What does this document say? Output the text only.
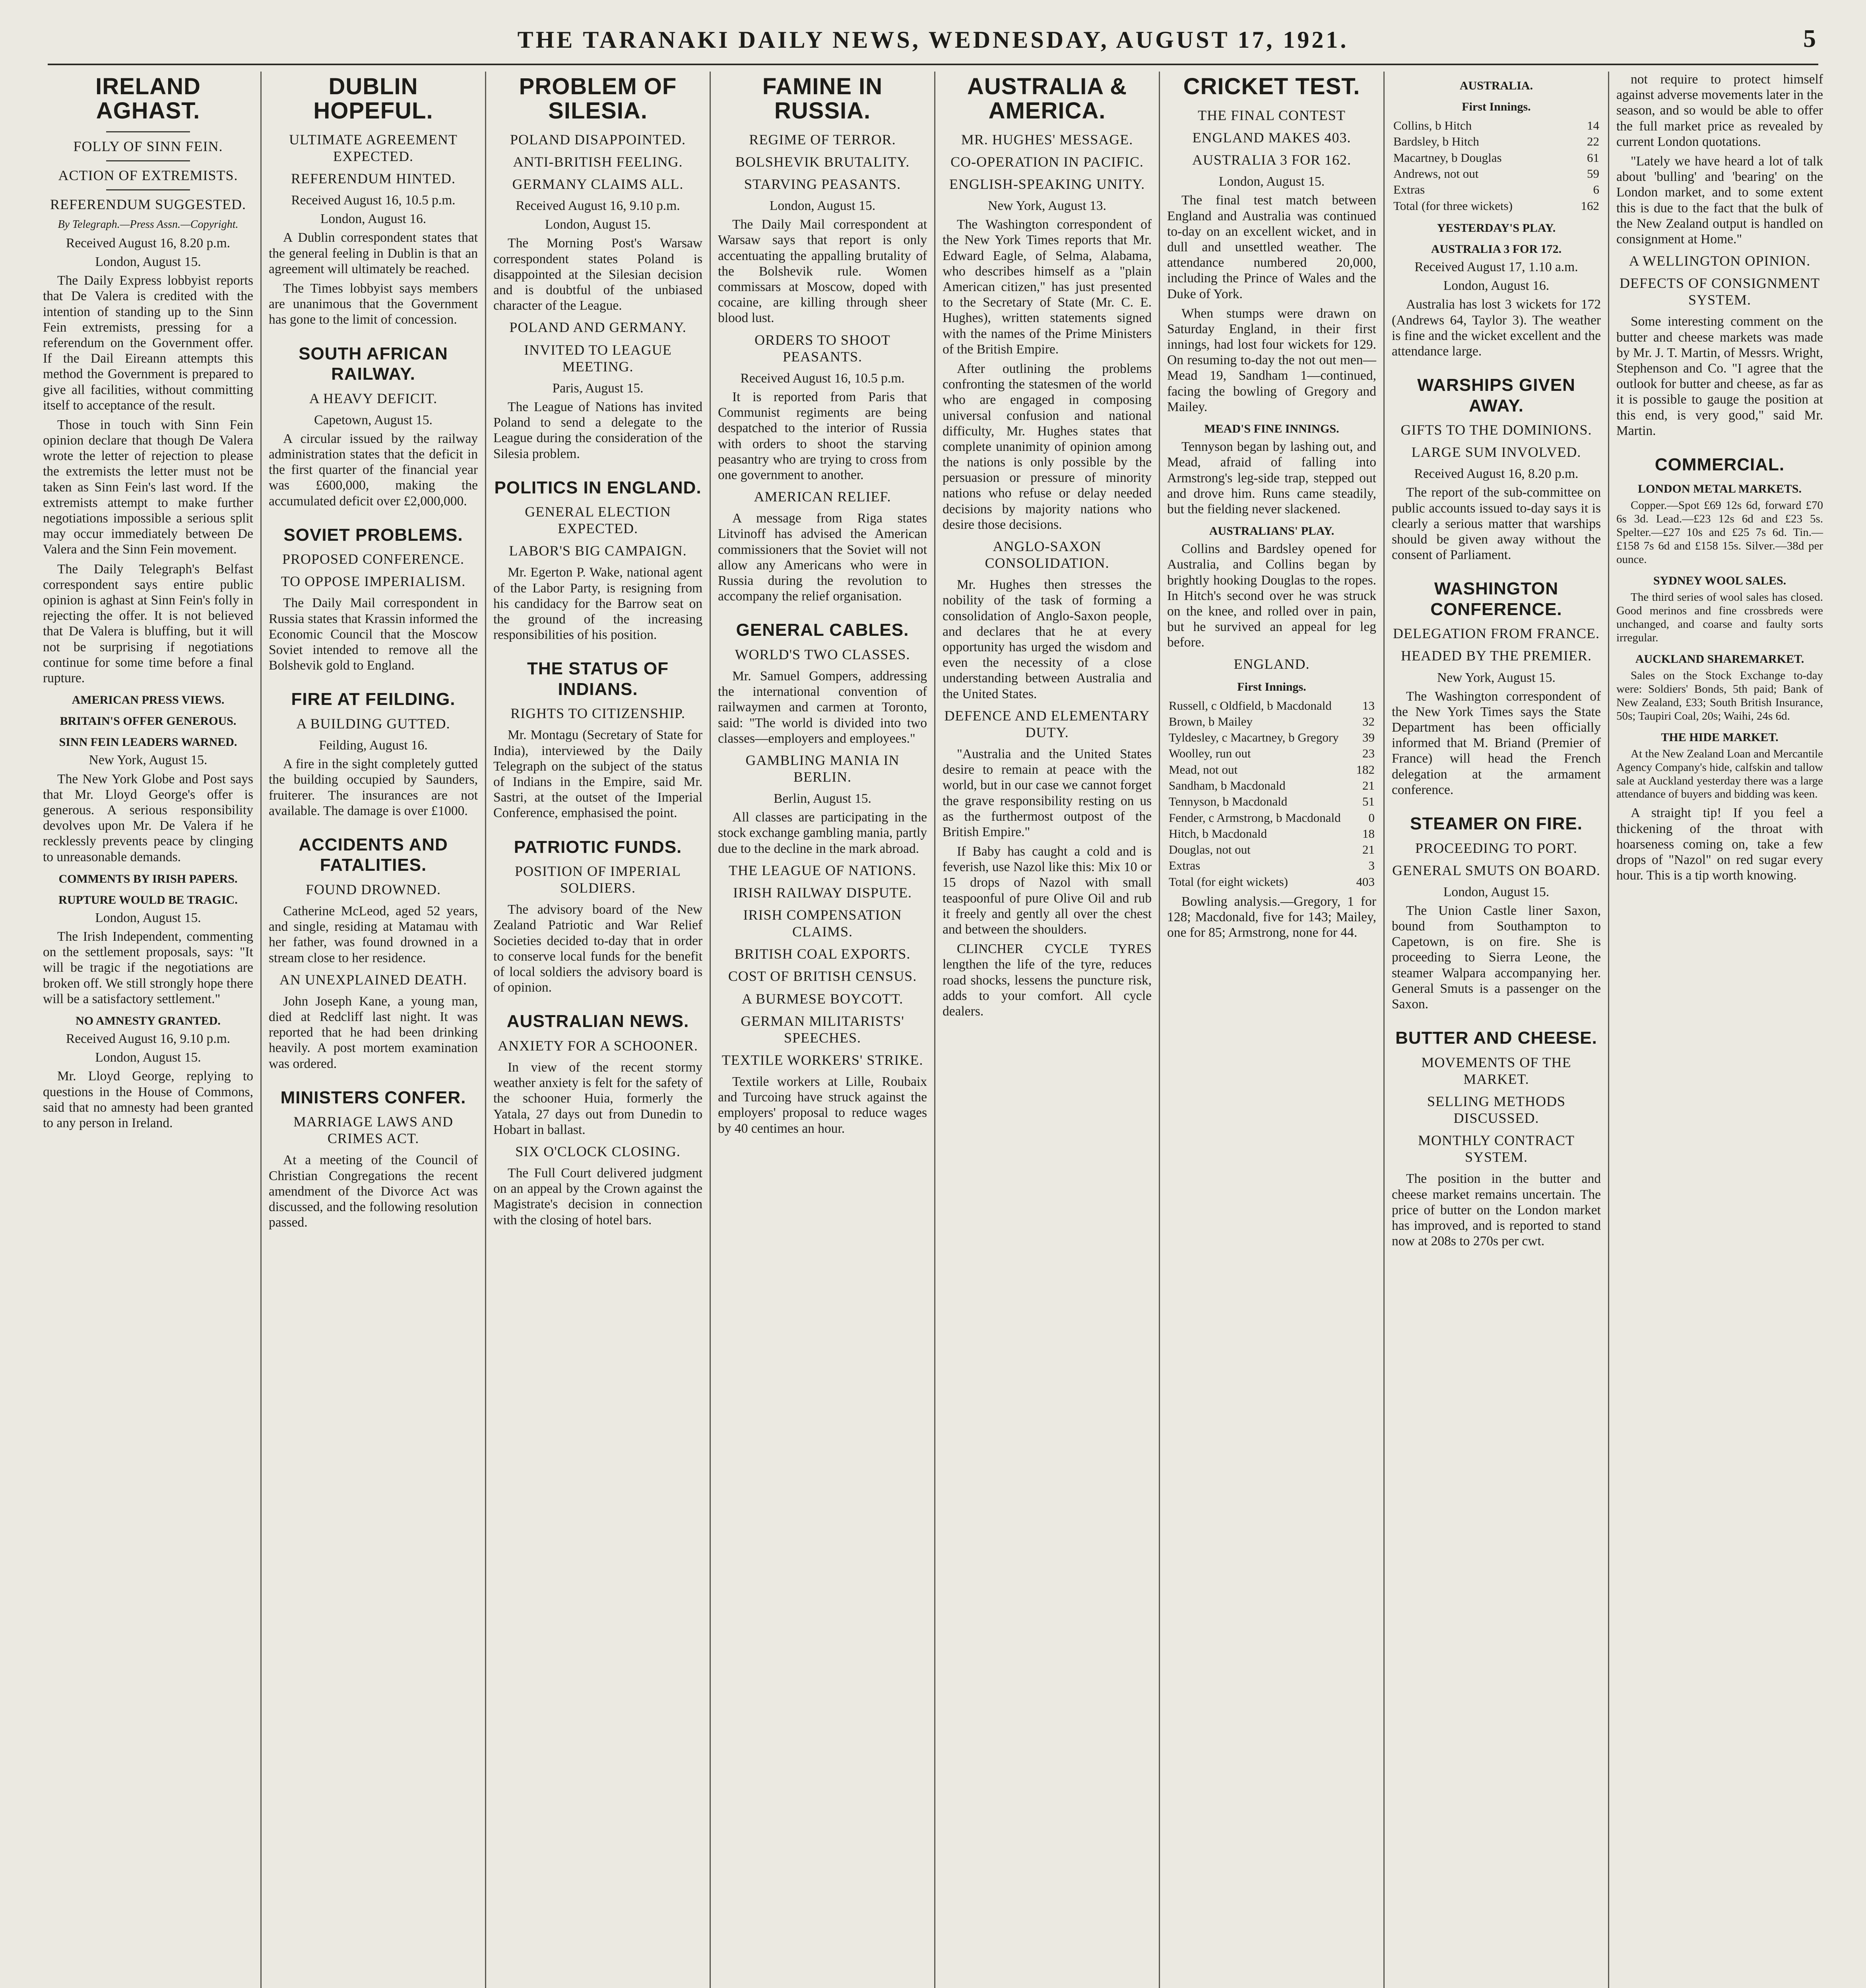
THE TARANAKI DAILY NEWS, WEDNESDAY, AUGUST 17, 1921.	5
IRELAND AGHAST.
FOLLY OF SINN FEIN.
ACTION OF EXTREMISTS.
REFERENDUM SUGGESTED.
By Telegraph.—Press Assn.—Copyright.
Received August 16, 8.20 p.m.
London, August 15.

The Daily Express lobbyist reports that De Valera is credited with the intention of standing up to the Sinn Fein extremists, pressing for a referendum on the Government offer. If the Dail Eireann attempts this method the Government is prepared to give all facilities, without committing itself to acceptance of the result.

Those in touch with Sinn Fein opinion declare that though De Valera wrote the letter of rejection to please the extremists the letter must not be taken as Sinn Fein's last word. If the extremists attempt to make further negotiations impossible a serious split may occur immediately between De Valera and the Sinn Fein movement.

The Daily Telegraph's Belfast correspondent says entire public opinion is aghast at Sinn Fein's folly in rejecting the offer. It is not believed that De Valera is bluffing, but it will not be surprising if negotiations continue for some time before a final rupture.

AMERICAN PRESS VIEWS.
BRITAIN'S OFFER GENEROUS.
SINN FEIN LEADERS WARNED.
New York, August 15.

The New York Globe and Post says that Mr. Lloyd George's offer is generous. A serious responsibility devolves upon Mr. De Valera if he recklessly prevents peace by clinging to unreasonable demands.

COMMENTS BY IRISH PAPERS.
RUPTURE WOULD BE TRAGIC.
London, August 15.

The Irish Independent, commenting on the settlement proposals, says: "It will be tragic if the negotiations are broken off. We still strongly hope there will be a satisfactory settlement."

NO AMNESTY GRANTED.
Received August 16, 9.10 p.m.
London, August 15.

Mr. Lloyd George, replying to questions in the House of Commons, said that no amnesty had been granted to any person in Ireland.

DUBLIN HOPEFUL.
ULTIMATE AGREEMENT EXPECTED.
REFERENDUM HINTED.
Received August 16, 10.5 p.m.
London, August 16.

A Dublin correspondent states that the general feeling in Dublin is that an agreement will ultimately be reached.

The Times lobbyist says members are unanimous that the Government has gone to the limit of concession.

SOUTH AFRICAN RAILWAY.
A HEAVY DEFICIT.
Capetown, August 15.

A circular issued by the railway administration states that the deficit in the first quarter of the financial year was £600,000, making the accumulated deficit over £2,000,000.

SOVIET PROBLEMS.
PROPOSED CONFERENCE.
TO OPPOSE IMPERIALISM.

The Daily Mail correspondent in Russia states that Krassin informed the Economic Council that the Moscow Soviet intended to remove all the Bolshevik gold to England.

FIRE AT FEILDING.
A BUILDING GUTTED.
Feilding, August 16.

A fire in the sight completely gutted the building occupied by Saunders, fruiterer. The insurances are not available. The damage is over £1000.

ACCIDENTS AND FATALITIES.
FOUND DROWNED.

Catherine McLeod, aged 52 years, and single, residing at Matamau with her father, was found drowned in a stream close to her residence.

AN UNEXPLAINED DEATH.

John Joseph Kane, a young man, died at Redcliff last night. It was reported that he had been drinking heavily. A post mortem examination was ordered.

MINISTERS CONFER.
MARRIAGE LAWS AND CRIMES ACT.

At a meeting of the Council of Christian Congregations the recent amendment of the Divorce Act was discussed, and the following resolution passed.

PROBLEM OF SILESIA.
POLAND DISAPPOINTED.
ANTI-BRITISH FEELING.
GERMANY CLAIMS ALL.
Received August 16, 9.10 p.m.
London, August 15.

The Morning Post's Warsaw correspondent states Poland is disappointed at the Silesian decision and is doubtful of the unbiased character of the League.

POLAND AND GERMANY.
INVITED TO LEAGUE MEETING.
Paris, August 15.

The League of Nations has invited Poland to send a delegate to the League during the consideration of the Silesia problem.

POLITICS IN ENGLAND.
GENERAL ELECTION EXPECTED.
LABOR'S BIG CAMPAIGN.

Mr. Egerton P. Wake, national agent of the Labor Party, is resigning from his candidacy for the Barrow seat on the ground of the increasing responsibilities of his position.

THE STATUS OF INDIANS.
RIGHTS TO CITIZENSHIP.

Mr. Montagu (Secretary of State for India), interviewed by the Daily Telegraph on the subject of the status of Indians in the Empire, said Mr. Sastri, at the outset of the Imperial Conference, emphasised the point.

PATRIOTIC FUNDS.
POSITION OF IMPERIAL SOLDIERS.

The advisory board of the New Zealand Patriotic and War Relief Societies decided to-day that in order to conserve local funds for the benefit of local soldiers the advisory board is of opinion.

AUSTRALIAN NEWS.
ANXIETY FOR A SCHOONER.

In view of the recent stormy weather anxiety is felt for the safety of the schooner Huia, formerly the Yatala, 27 days out from Dunedin to Hobart in ballast.

SIX O'CLOCK CLOSING.

The Full Court delivered judgment on an appeal by the Crown against the Magistrate's decision in connection with the closing of hotel bars.

FAMINE IN RUSSIA.
REGIME OF TERROR.
BOLSHEVIK BRUTALITY.
STARVING PEASANTS.
London, August 15.

The Daily Mail correspondent at Warsaw says that report is only accentuating the appalling brutality of the Bolshevik rule. Women commissars at Moscow, doped with cocaine, are killing through sheer blood lust.

ORDERS TO SHOOT PEASANTS.
Received August 16, 10.5 p.m.

It is reported from Paris that Communist regiments are being despatched to the interior of Russia with orders to shoot the starving peasantry who are trying to cross from one government to another.

AMERICAN RELIEF.

A message from Riga states Litvinoff has advised the American commissioners that the Soviet will not allow any Americans who were in Russia during the revolution to accompany the relief organisation.

GENERAL CABLES.
WORLD'S TWO CLASSES.

Mr. Samuel Gompers, addressing the international convention of railwaymen and carmen at Toronto, said: "The world is divided into two classes—employers and employees."

GAMBLING MANIA IN BERLIN.
Berlin, August 15.

All classes are participating in the stock exchange gambling mania, partly due to the decline in the mark abroad.

THE LEAGUE OF NATIONS.
IRISH RAILWAY DISPUTE.
IRISH COMPENSATION CLAIMS.
BRITISH COAL EXPORTS.
COST OF BRITISH CENSUS.
A BURMESE BOYCOTT.
GERMAN MILITARISTS' SPEECHES.
TEXTILE WORKERS' STRIKE.

Textile workers at Lille, Roubaix and Turcoing have struck against the employers' proposal to reduce wages by 40 centimes an hour.

AUSTRALIA & AMERICA.
MR. HUGHES' MESSAGE.
CO-OPERATION IN PACIFIC.
ENGLISH-SPEAKING UNITY.
New York, August 13.

The Washington correspondent of the New York Times reports that Mr. Edward Eagle, of Selma, Alabama, who describes himself as a "plain American citizen," has just presented to the Secretary of State (Mr. C. E. Hughes), written statements signed with the names of the Prime Ministers of the British Empire.

After outlining the problems confronting the statesmen of the world who are engaged in composing universal confusion and national difficulty, Mr. Hughes states that complete unanimity of opinion among the nations is only possible by the persuasion or pressure of minority nations who refuse or delay needed decisions by majority nations who desire those decisions.

ANGLO-SAXON CONSOLIDATION.

Mr. Hughes then stresses the nobility of the task of forming a consolidation of Anglo-Saxon people, and declares that he at every opportunity has urged the wisdom and even the necessity of a close understanding between Australia and the United States.

DEFENCE AND ELEMENTARY DUTY.

"Australia and the United States desire to remain at peace with the world, but in our case we cannot forget the grave responsibility resting on us as the furthermost outpost of the British Empire."

If Baby has caught a cold and is feverish, use Nazol like this: Mix 10 or 15 drops of Nazol with small teaspoonful of pure Olive Oil and rub it freely and gently all over the chest and between the shoulders.

CLINCHER CYCLE TYRES lengthen the life of the tyre, reduces road shocks, lessens the puncture risk, adds to your comfort. All cycle dealers.

CRICKET TEST.
THE FINAL CONTEST
ENGLAND MAKES 403.
AUSTRALIA 3 FOR 162.
London, August 15.

The final test match between England and Australia was continued to-day on an excellent wicket, and in dull and unsettled weather. The attendance numbered 20,000, including the Prince of Wales and the Duke of York.

When stumps were drawn on Saturday England, in their first innings, had lost four wickets for 129. On resuming to-day the not out men—Mead 19, Sandham 1—continued, facing the bowling of Gregory and Mailey.

MEAD'S FINE INNINGS.

Tennyson began by lashing out, and Mead, afraid of falling into Armstrong's leg-side trap, stepped out and drove him. Runs came steadily, but the fielding never slackened.

AUSTRALIANS' PLAY.

Collins and Bardsley opened for Australia, and Collins began by brightly hooking Douglas to the ropes. In Hitch's second over he was struck on the knee, and rolled over in pain, but he survived an appeal for leg before.

ENGLAND.
First Innings.
Russell, c Oldfield, b Macdonald	13
Brown, b Mailey	32
Tyldesley, c Macartney, b Gregory	39
Woolley, run out	23
Mead, not out	182
Sandham, b Macdonald	21
Tennyson, b Macdonald	51
Fender, c Armstrong, b Macdonald	0
Hitch, b Macdonald	18
Douglas, not out	21
Extras	3
Total (for eight wickets)	403

Bowling analysis.—Gregory, 1 for 128; Macdonald, five for 143; Mailey, one for 85; Armstrong, none for 44.

AUSTRALIA.
First Innings.
Collins, b Hitch	14
Bardsley, b Hitch	22
Macartney, b Douglas	61
Andrews, not out	59
Extras	6
Total (for three wickets)	162
YESTERDAY'S PLAY.
AUSTRALIA 3 FOR 172.
Received August 17, 1.10 a.m.
London, August 16.

Australia has lost 3 wickets for 172 (Andrews 64, Taylor 3). The weather is fine and the wicket excellent and the attendance large.

WARSHIPS GIVEN AWAY.
GIFTS TO THE DOMINIONS.
LARGE SUM INVOLVED.
Received August 16, 8.20 p.m.

The report of the sub-committee on public accounts issued to-day says it is clearly a serious matter that warships should be given away without the consent of Parliament.

WASHINGTON CONFERENCE.
DELEGATION FROM FRANCE.
HEADED BY THE PREMIER.
New York, August 15.

The Washington correspondent of the New York Times says the State Department has been officially informed that M. Briand (Premier of France) will head the French delegation at the armament conference.

STEAMER ON FIRE.
PROCEEDING TO PORT.
GENERAL SMUTS ON BOARD.
London, August 15.

The Union Castle liner Saxon, bound from Southampton to Capetown, is on fire. She is proceeding to Sierra Leone, the steamer Walpara accompanying her. General Smuts is a passenger on the Saxon.

BUTTER AND CHEESE.
MOVEMENTS OF THE MARKET.
SELLING METHODS DISCUSSED.
MONTHLY CONTRACT SYSTEM.

The position in the butter and cheese market remains uncertain. The price of butter on the London market has improved, and is reported to stand now at 208s to 270s per cwt.

not require to protect himself against adverse movements later in the season, and so would be able to offer the full market price as revealed by current London quotations.

"Lately we have heard a lot of talk about 'bulling' and 'bearing' on the London market, and to some extent this is due to the fact that the bulk of the New Zealand output is handled on consignment at Home."

A WELLINGTON OPINION.
DEFECTS OF CONSIGNMENT SYSTEM.

Some interesting comment on the butter and cheese markets was made by Mr. J. T. Martin, of Messrs. Wright, Stephenson and Co. "I agree that the outlook for butter and cheese, as far as it is possible to gauge the position at this end, is very good," said Mr. Martin.

COMMERCIAL.
LONDON METAL MARKETS.

Copper.—Spot £69 12s 6d, forward £70 6s 3d. Lead.—£23 12s 6d and £23 5s. Spelter.—£27 10s and £25 7s 6d. Tin.—£158 7s 6d and £158 15s. Silver.—38d per ounce.

SYDNEY WOOL SALES.

The third series of wool sales has closed. Good merinos and fine crossbreds were unchanged, and coarse and faulty sorts irregular.

AUCKLAND SHAREMARKET.

Sales on the Stock Exchange to-day were: Soldiers' Bonds, 5th paid; Bank of New Zealand, £33; South British Insurance, 50s; Taupiri Coal, 20s; Waihi, 24s 6d.

THE HIDE MARKET.

At the New Zealand Loan and Mercantile Agency Company's hide, calfskin and tallow sale at Auckland yesterday there was a large attendance of buyers and bidding was keen.

A straight tip! If you feel a thickening of the throat with hoarseness coming on, take a few drops of "Nazol" on red sugar every hour. This is a tip worth knowing.
